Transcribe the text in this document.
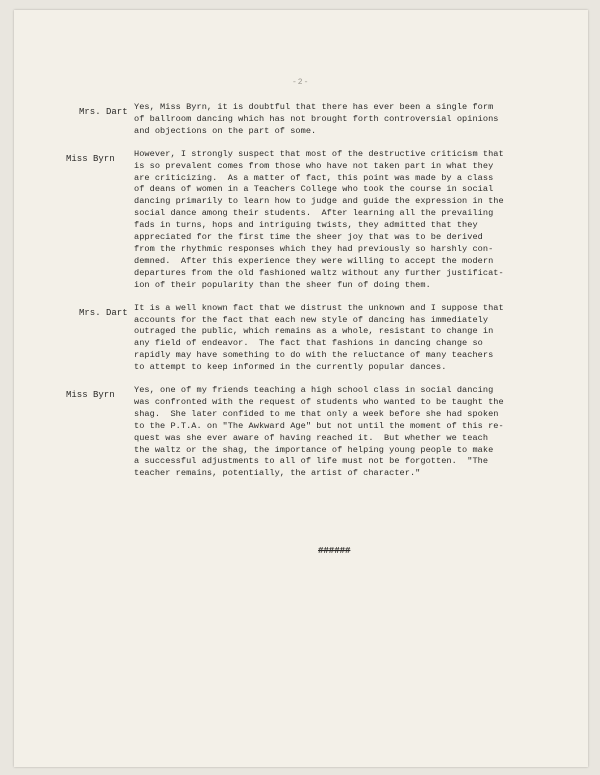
-2-
Mrs. Dart Yes, Miss Byrn, it is doubtful that there has ever been a single form
of ballroom dancing which has not brought forth controversial opinions
and objections on the part of some.
Miss Byrn	However, I strongly suspect that most of the destructive criticism that
is so prevalent comes from those who have not taken part in what they
are criticizing.  As a matter of fact, this point was made by a class
of deans of women in a Teachers College who took the course in social
dancing primarily to learn how to judge and guide the expression in the
social dance among their students.  After learning all the prevailing
fads in turns, hops and intriguing twists, they admitted that they
appreciated for the first time the sheer joy that was to be derived
from the rhythmic responses which they had previously so harshly con-
demned.  After this experience they were willing to accept the modern
departures from the old fashioned waltz without any further justificat-
ion of their popularity than the sheer fun of doing them.
Mrs. Dart It is a well known fact that we distrust the unknown and I suppose that
accounts for the fact that each new style of dancing has immediately
outraged the public, which remains as a whole, resistant to change in
any field of endeavor.  The fact that fashions in dancing change so
rapidly may have something to do with the reluctance of many teachers
to attempt to keep informed in the currently popular dances.
Miss Byrn	Yes, one of my friends teaching a high school class in social dancing
was confronted with the request of students who wanted to be taught the
shag.  She later confided to me that only a week before she had spoken
to the P.T.A. on "The Awkward Age" but not until the moment of this re-
quest was she ever aware of having reached it.  But whether we teach
the waltz or the shag, the importance of helping young people to make
a successful adjustments to all of life must not be forgotten.  "The
teacher remains, potentially, the artist of character."
######
